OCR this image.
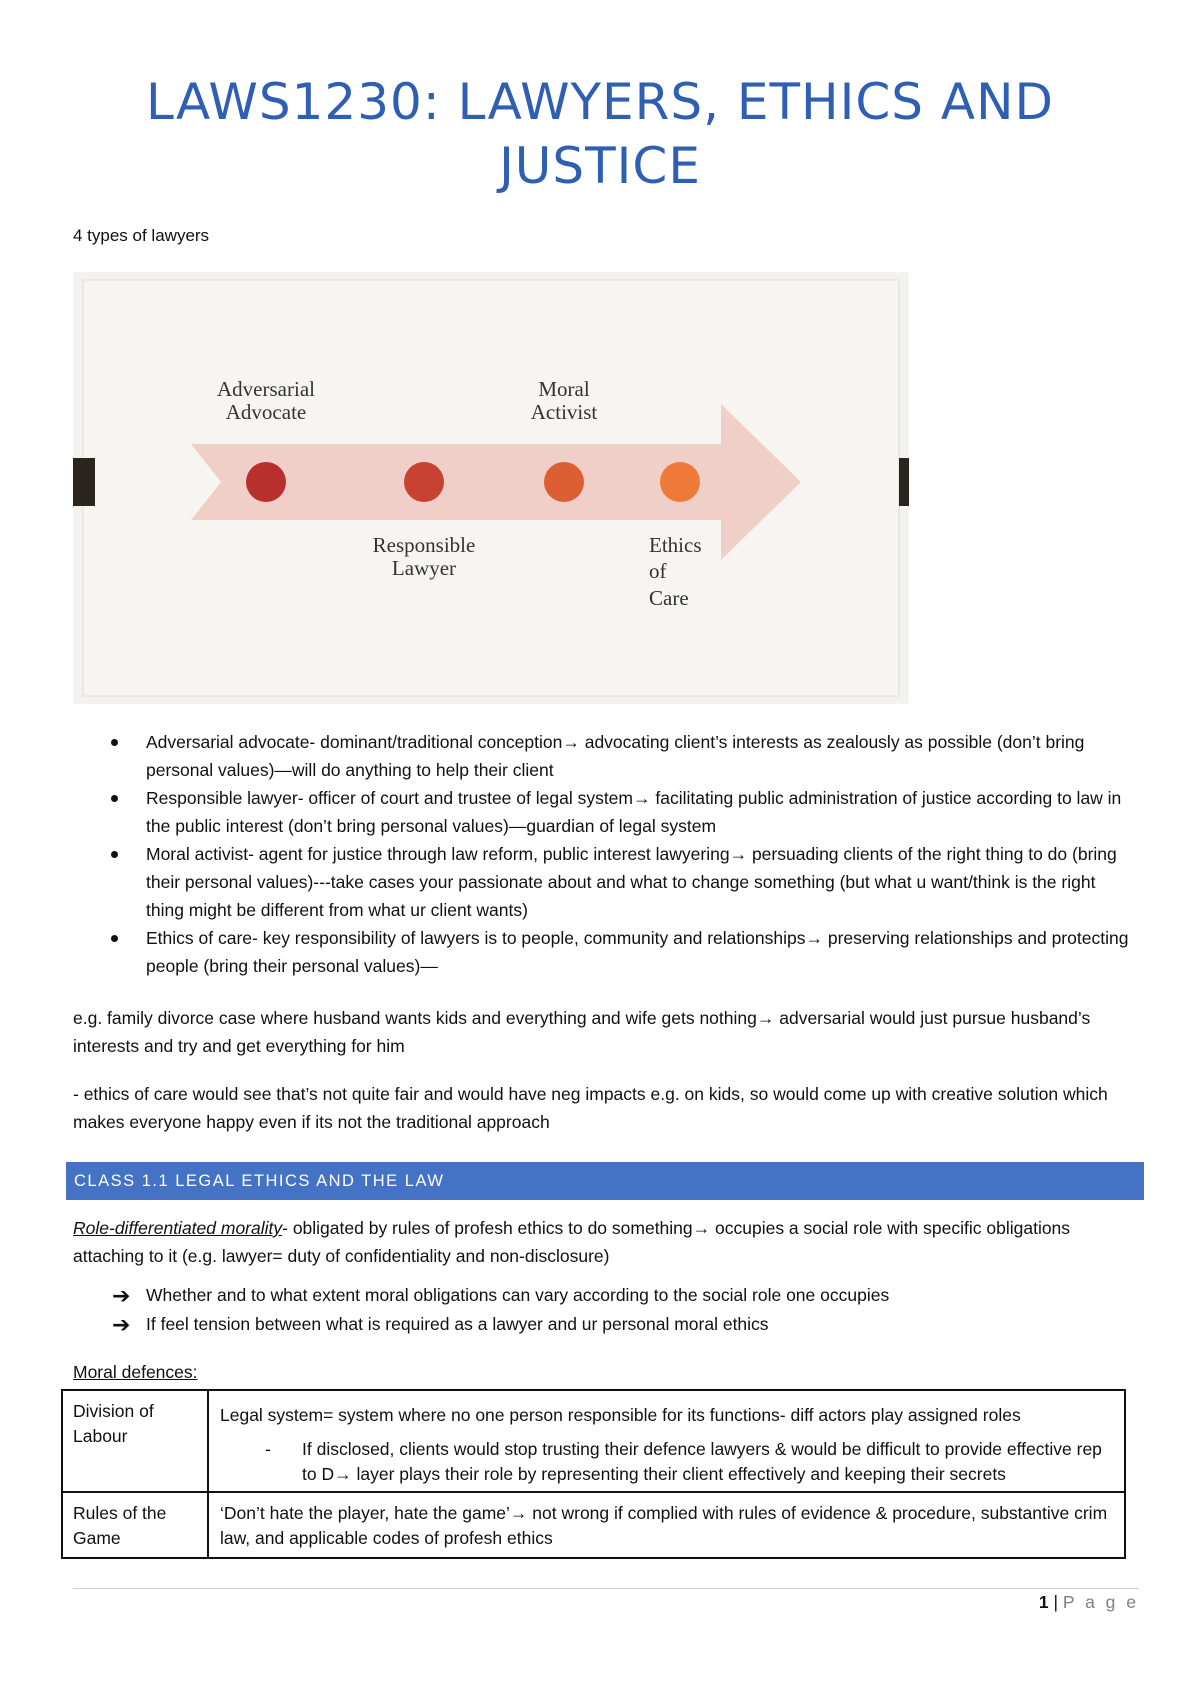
LAWS1230: LAWYERS, ETHICS AND JUSTICE
4 types of lawyers
Adversarial
Advocate
Moral
Activist
Responsible
Lawyer
Ethics
of
Care
Adversarial advocate- dominant/traditional conception→ advocating client’s interests as zealously as possible (don’t bring personal values)—will do anything to help their client
Responsible lawyer- officer of court and trustee of legal system→ facilitating public administration of justice according to law in the public interest (don’t bring personal values)—guardian of legal system
Moral activist- agent for justice through law reform, public interest lawyering→ persuading clients of the right thing to do (bring their personal values)---take cases your passionate about and what to change something (but what u want/think is the right thing might be different from what ur client wants)
Ethics of care- key responsibility of lawyers is to people, community and relationships→ preserving relationships and protecting people (bring their personal values)—

e.g. family divorce case where husband wants kids and everything and wife gets nothing→ adversarial would just pursue husband’s interests and try and get everything for him

- ethics of care would see that’s not quite fair and would have neg impacts e.g. on kids, so would come up with creative solution which makes everyone happy even if its not the traditional approach

CLASS 1.1 LEGAL ETHICS AND THE LAW

Role-differentiated morality- obligated by rules of profesh ethics to do something→ occupies a social role with specific obligations attaching to it (e.g. lawyer= duty of confidentiality and non-disclosure)

➔ Whether and to what extent moral obligations can vary according to the social role one occupies
➔ If feel tension between what is required as a lawyer and ur personal moral ethics
Moral defences:
Division of Labour	Legal system= system where no one person responsible for its functions- diff actors play assigned roles
- If disclosed, clients would stop trusting their defence lawyers & would be difficult to provide effective rep to D→ layer plays their role by representing their client effectively and keeping their secrets

Rules of the Game	‘Don’t hate the player, hate the game’→ not wrong if complied with rules of evidence & procedure, substantive crim law, and applicable codes of profesh ethics
1 | P a g e
